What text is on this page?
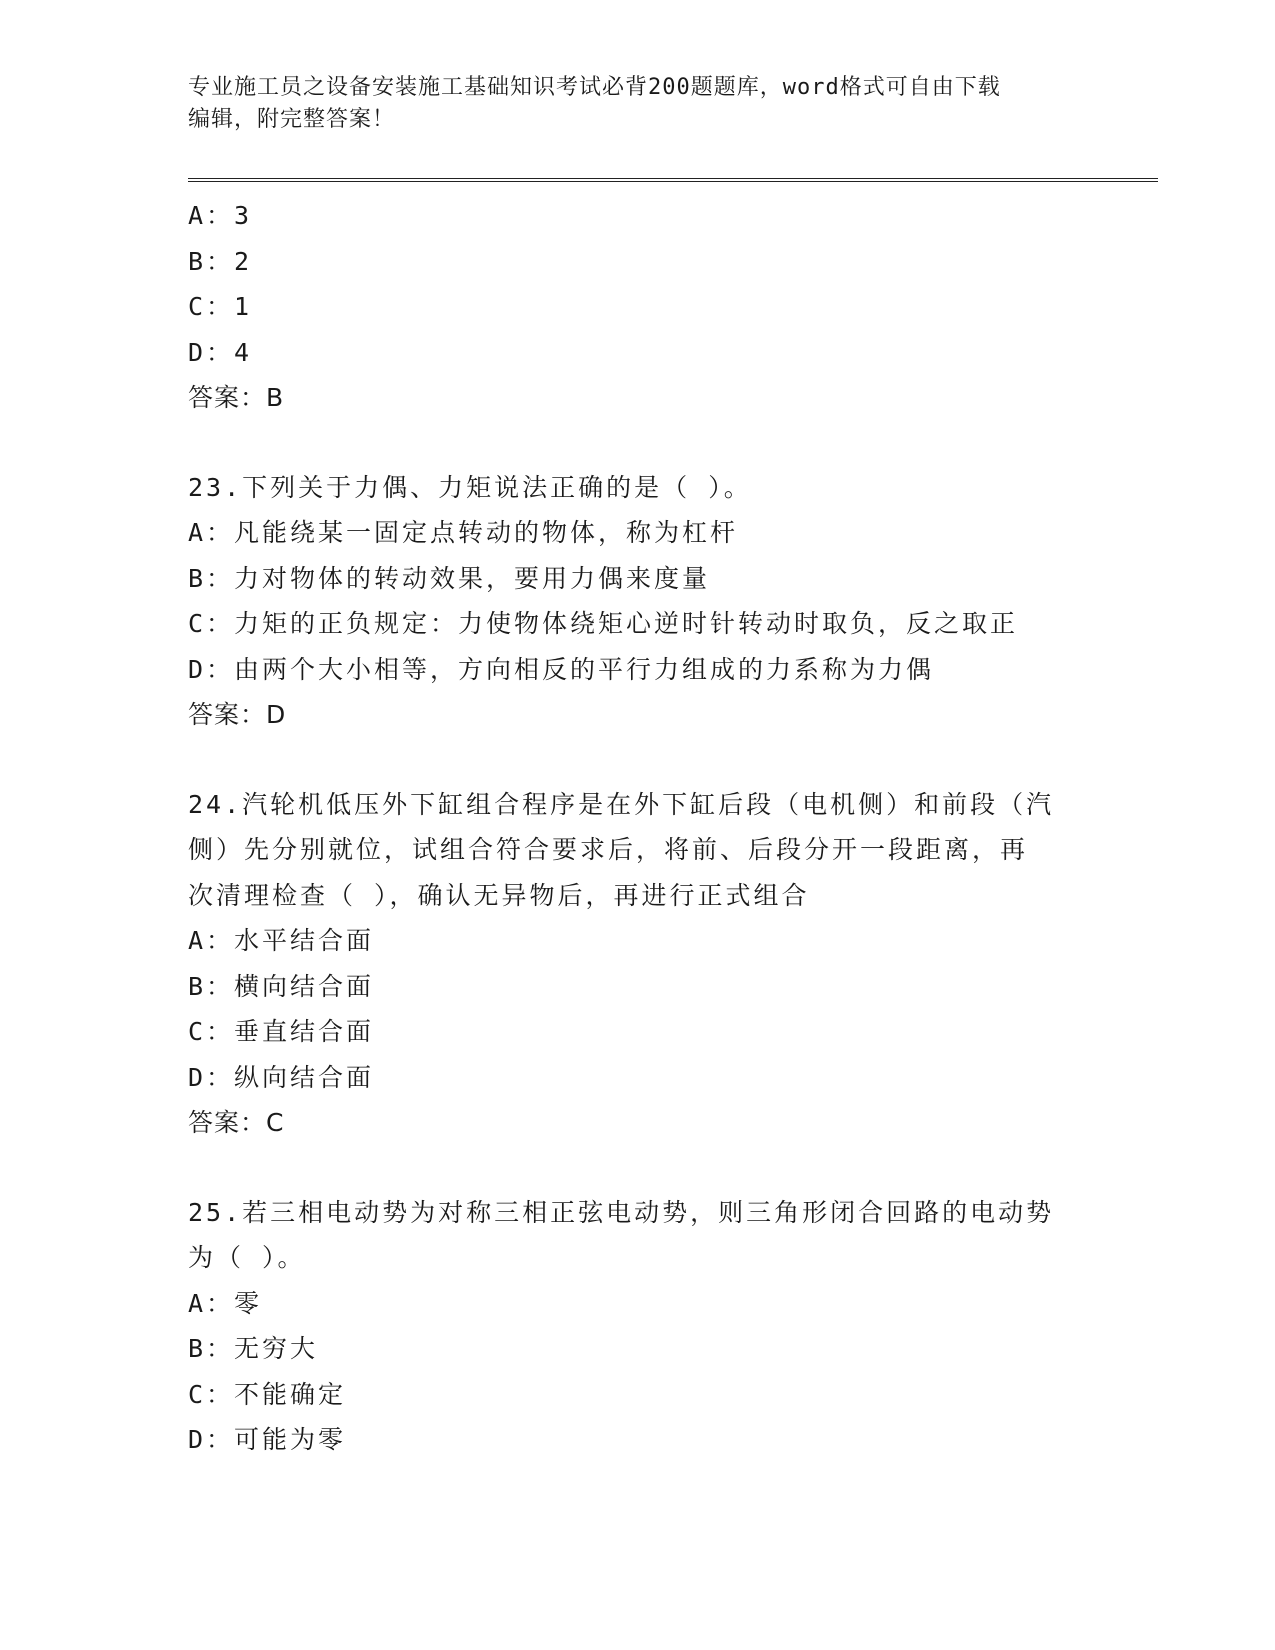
专业施工员之设备安装施工基础知识考试必背200题题库，word格式可自由下载
编辑，附完整答案！
A：3
B：2
C：1
D：4
答案：B
23.下列关于力偶、力矩说法正确的是（ ）。
A：凡能绕某一固定点转动的物体，称为杠杆
B：力对物体的转动效果，要用力偶来度量
C：力矩的正负规定：力使物体绕矩心逆时针转动时取负，反之取正
D：由两个大小相等，方向相反的平行力组成的力系称为力偶
答案：D
24.汽轮机低压外下缸组合程序是在外下缸后段（电机侧）和前段（汽
侧）先分别就位，试组合符合要求后，将前、后段分开一段距离，再
次清理检查（ ），确认无异物后，再进行正式组合
A：水平结合面
B：横向结合面
C：垂直结合面
D：纵向结合面
答案：C
25.若三相电动势为对称三相正弦电动势，则三角形闭合回路的电动势
为（ ）。
A：零
B：无穷大
C：不能确定
D：可能为零
